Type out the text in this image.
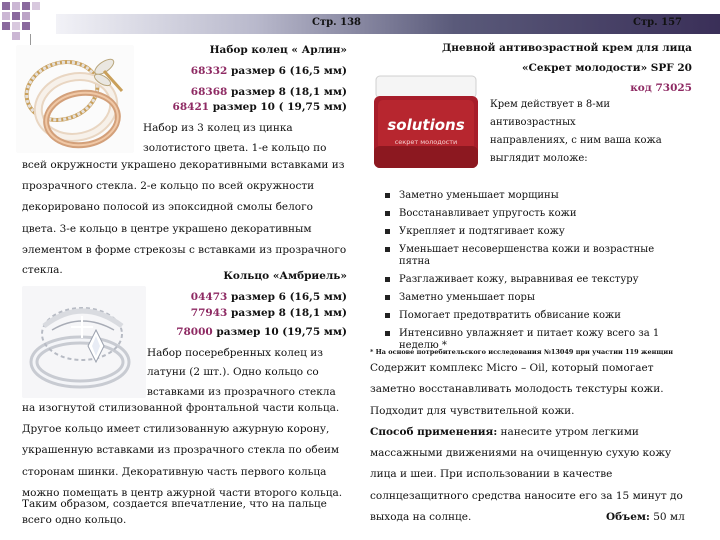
Стр. 138	Стр. 157
Набор колец « Арлин»
68332 размер 6 (16,5 мм)
68368 размер 8 (18,1 мм)
68421 размер 10 ( 19,75 мм)
Набор из 3 колец из цинка
золотистого цвета. 1-е кольцо по
всей окружности украшено декоративными вставками из
прозрачного стекла. 2-е кольцо по всей окружности
декорировано полосой из эпоксидной смолы белого
цвета. 3-е кольцо в центре украшено декоративным
элементом в форме стрекозы с вставками из прозрачного
стекла.	Кольцо «Амбриель»
04473 размер 6 (16,5 мм)
77943 размер 8 (18,1 мм)
78000 размер 10 (19,75 мм)
Набор посеребренных колец из
латуни (2 шт.). Одно кольцо со
вставками из прозрачного стекла
на изогнутой стилизованной фронтальной части кольца.
Другое кольцо имеет стилизованную ажурную корону,
украшенную вставками из прозрачного стекла по обеим
сторонам шинки. Декоративную часть первого кольца
можно помещать в центр ажурной части второго кольца.
Таким образом, создается впечатление, что на пальце
всего одно кольцо.
Дневной антивозрастной крем для лица
«Секрет молодости» SPF 20
код 73025
solutions
секрет молодости
Крем действует в 8-ми
антивозрастных
направлениях, с ним ваша кожа
выглядит моложе:
Заметно уменьшает морщины
Восстанавливает упругость кожи
Укрепляет и подтягивает кожу
Уменьшает несовершенства кожи и возрастные пятна
Разглаживает кожу, выравнивая ее текстуру
Заметно уменьшает поры
Помогает предотвратить обвисание кожи
Интенсивно увлажняет и питает кожу всего за 1 неделю *
* На основе потребительского исследования №13049 при участии 119 женщин
Содержит комплекс Micro – Oil, который помогает
заметно восстанавливать молодость текстуры кожи.
Подходит для чувствительной кожи.
Способ применения: нанесите утром легкими
массажными движениями на очищенную сухую кожу
лица и шеи. При использовании в качестве
солнцезащитного средства наносите его за 15 минут до
выхода на солнце.	Объем: 50 мл
